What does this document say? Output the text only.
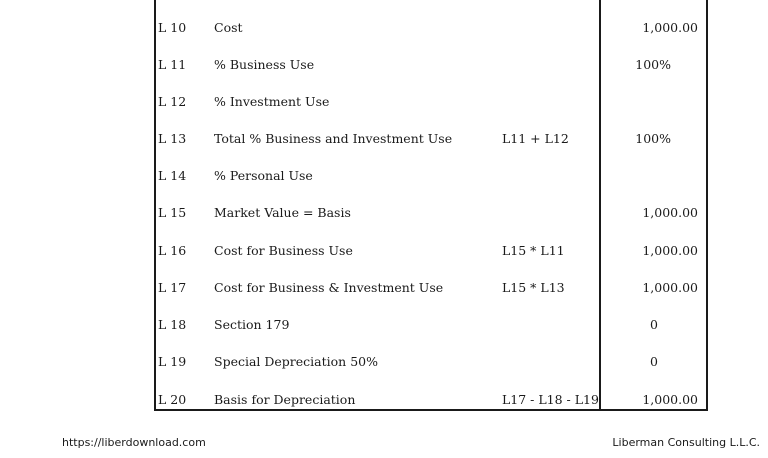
L 10 Cost	1,000.00
L 11 % Business Use	100%
L 12 % Investment Use
L 13 Total % Business and Investment Use	L11 + L12	100%
L 14 % Personal Use
L 15 Market Value = Basis	1,000.00
L 16 Cost for Business Use	L15 * L11	1,000.00
L 17 Cost for Business & Investment Use	L15 * L13	1,000.00
L 18 Section 179	0
L 19 Special Depreciation 50%	0
L 20 Basis for Depreciation	L17 - L18 - L19	1,000.00
https://liberdownload.com	Liberman Consulting L.L.C.
